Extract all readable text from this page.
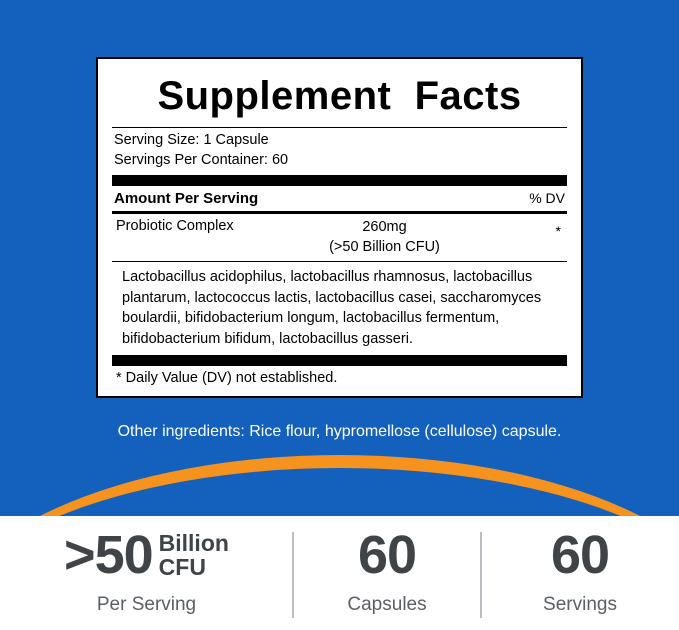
Supplement  Facts
Serving Size: 1 Capsule
Servings Per Container: 60
Amount Per Serving	% DV
Probiotic Complex	260mg
(>50 Billion CFU)
*
Lactobacillus acidophilus, lactobacillus rhamnosus, lactobacillus plantarum, lactococcus lactis, lactobacillus casei, saccharomyces boulardii, bifidobacterium longum, lactobacillus fermentum, bifidobacterium bifidum, lactobacillus gasseri.
* Daily Value (DV) not established.
Other ingredients: Rice flour, hypromellose (cellulose) capsule.
>50 Billion
CFU
Per Serving
60
Capsules
60
Servings
